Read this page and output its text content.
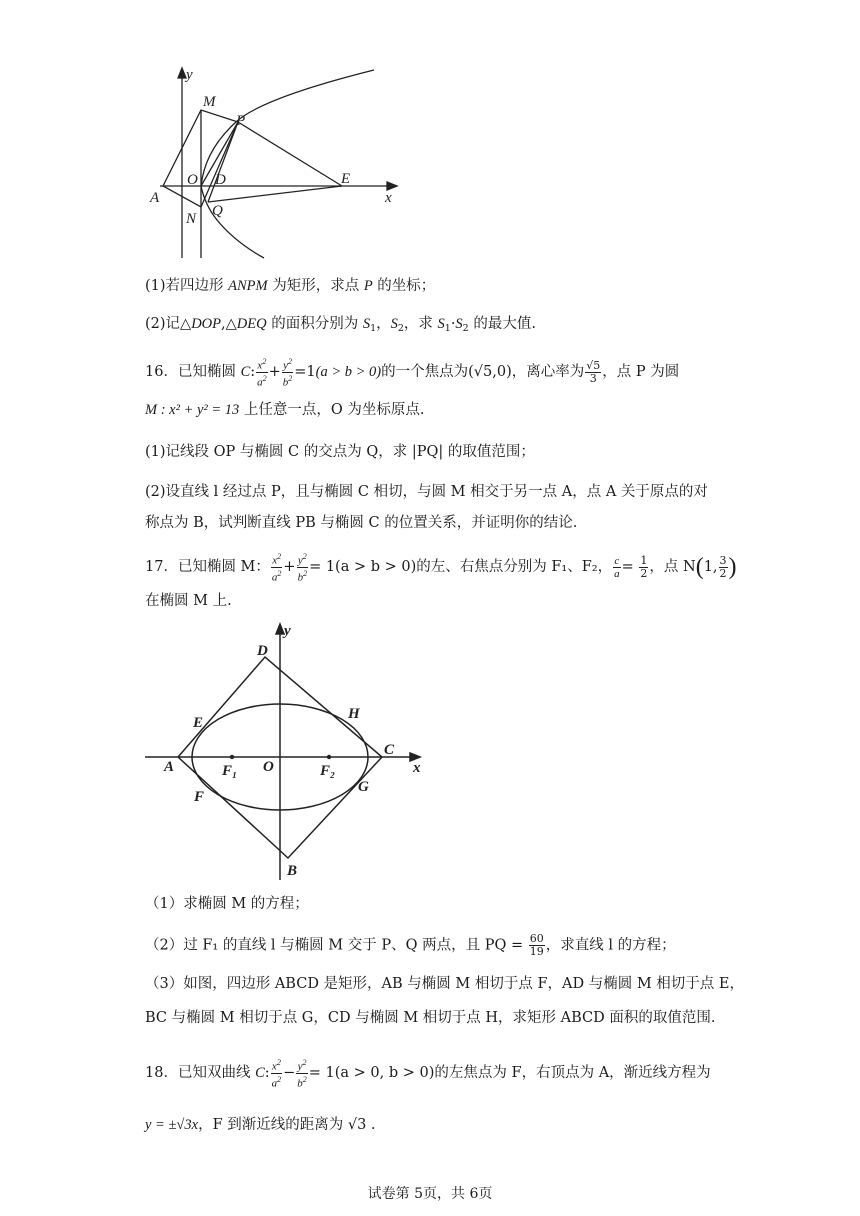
y
M
P
O D	E
x
A
Q
N
(1)若四边形 ANPM 为矩形，求点 P 的坐标；
(2)记△DOP,△DEQ 的面积分别为 $S_1$，$S_2$，求 $S_1\cdot S_2$ 的最大值.
16．已知椭圆 C: $\frac{x^2}{a^2} + \frac{y^2}{b^2} =1(a > b > 0)$的一个焦点为(√5,0)，离心率为 $\frac{√5}{3}$ ，点 P 为圆
M : x² + y² = 13 上任意一点，O 为坐标原点.
(1)记线段 OP 与椭圆 C 的交点为 Q，求 |PQ| 的取值范围；
(2)设直线 l 经过点 P，且与椭圆 C 相切，与圆 M 相交于另一点 A，点 A 关于原点的对
称点为 B，试判断直线 PB 与椭圆 C 的位置关系，并证明你的结论.
17．已知椭圆 M： $\frac{x^2}{a^2} + \frac{y^2}{b^2} = 1(a > b > 0)$的左、右焦点分别为 F₁、F₂， $\frac{c}{a} = \frac{1}{2}$ ，点 N(1, $\frac{3}{2}$ )
在椭圆 M 上.
y
D
E
H
C
A	F₁ O	F₂	x
F
G
B
（1）求椭圆 M 的方程；
（2）过 F₁ 的直线 l 与椭圆 M 交于 P、Q 两点，且 PQ = $\frac{60}{19}$ ，求直线 l 的方程；
（3）如图，四边形 ABCD 是矩形，AB 与椭圆 M 相切于点 F，AD 与椭圆 M 相切于点 E，
BC 与椭圆 M 相切于点 G，CD 与椭圆 M 相切于点 H，求矩形 ABCD 面积的取值范围.
18．已知双曲线 C: $\frac{x^2}{a^2} - \frac{y^2}{b^2} = 1(a > 0$, b > 0)的左焦点为 F，右顶点为 A，渐近线方程为
y = ±√3x，F 到渐近线的距离为 √3 .
试卷第 5页，共 6页
